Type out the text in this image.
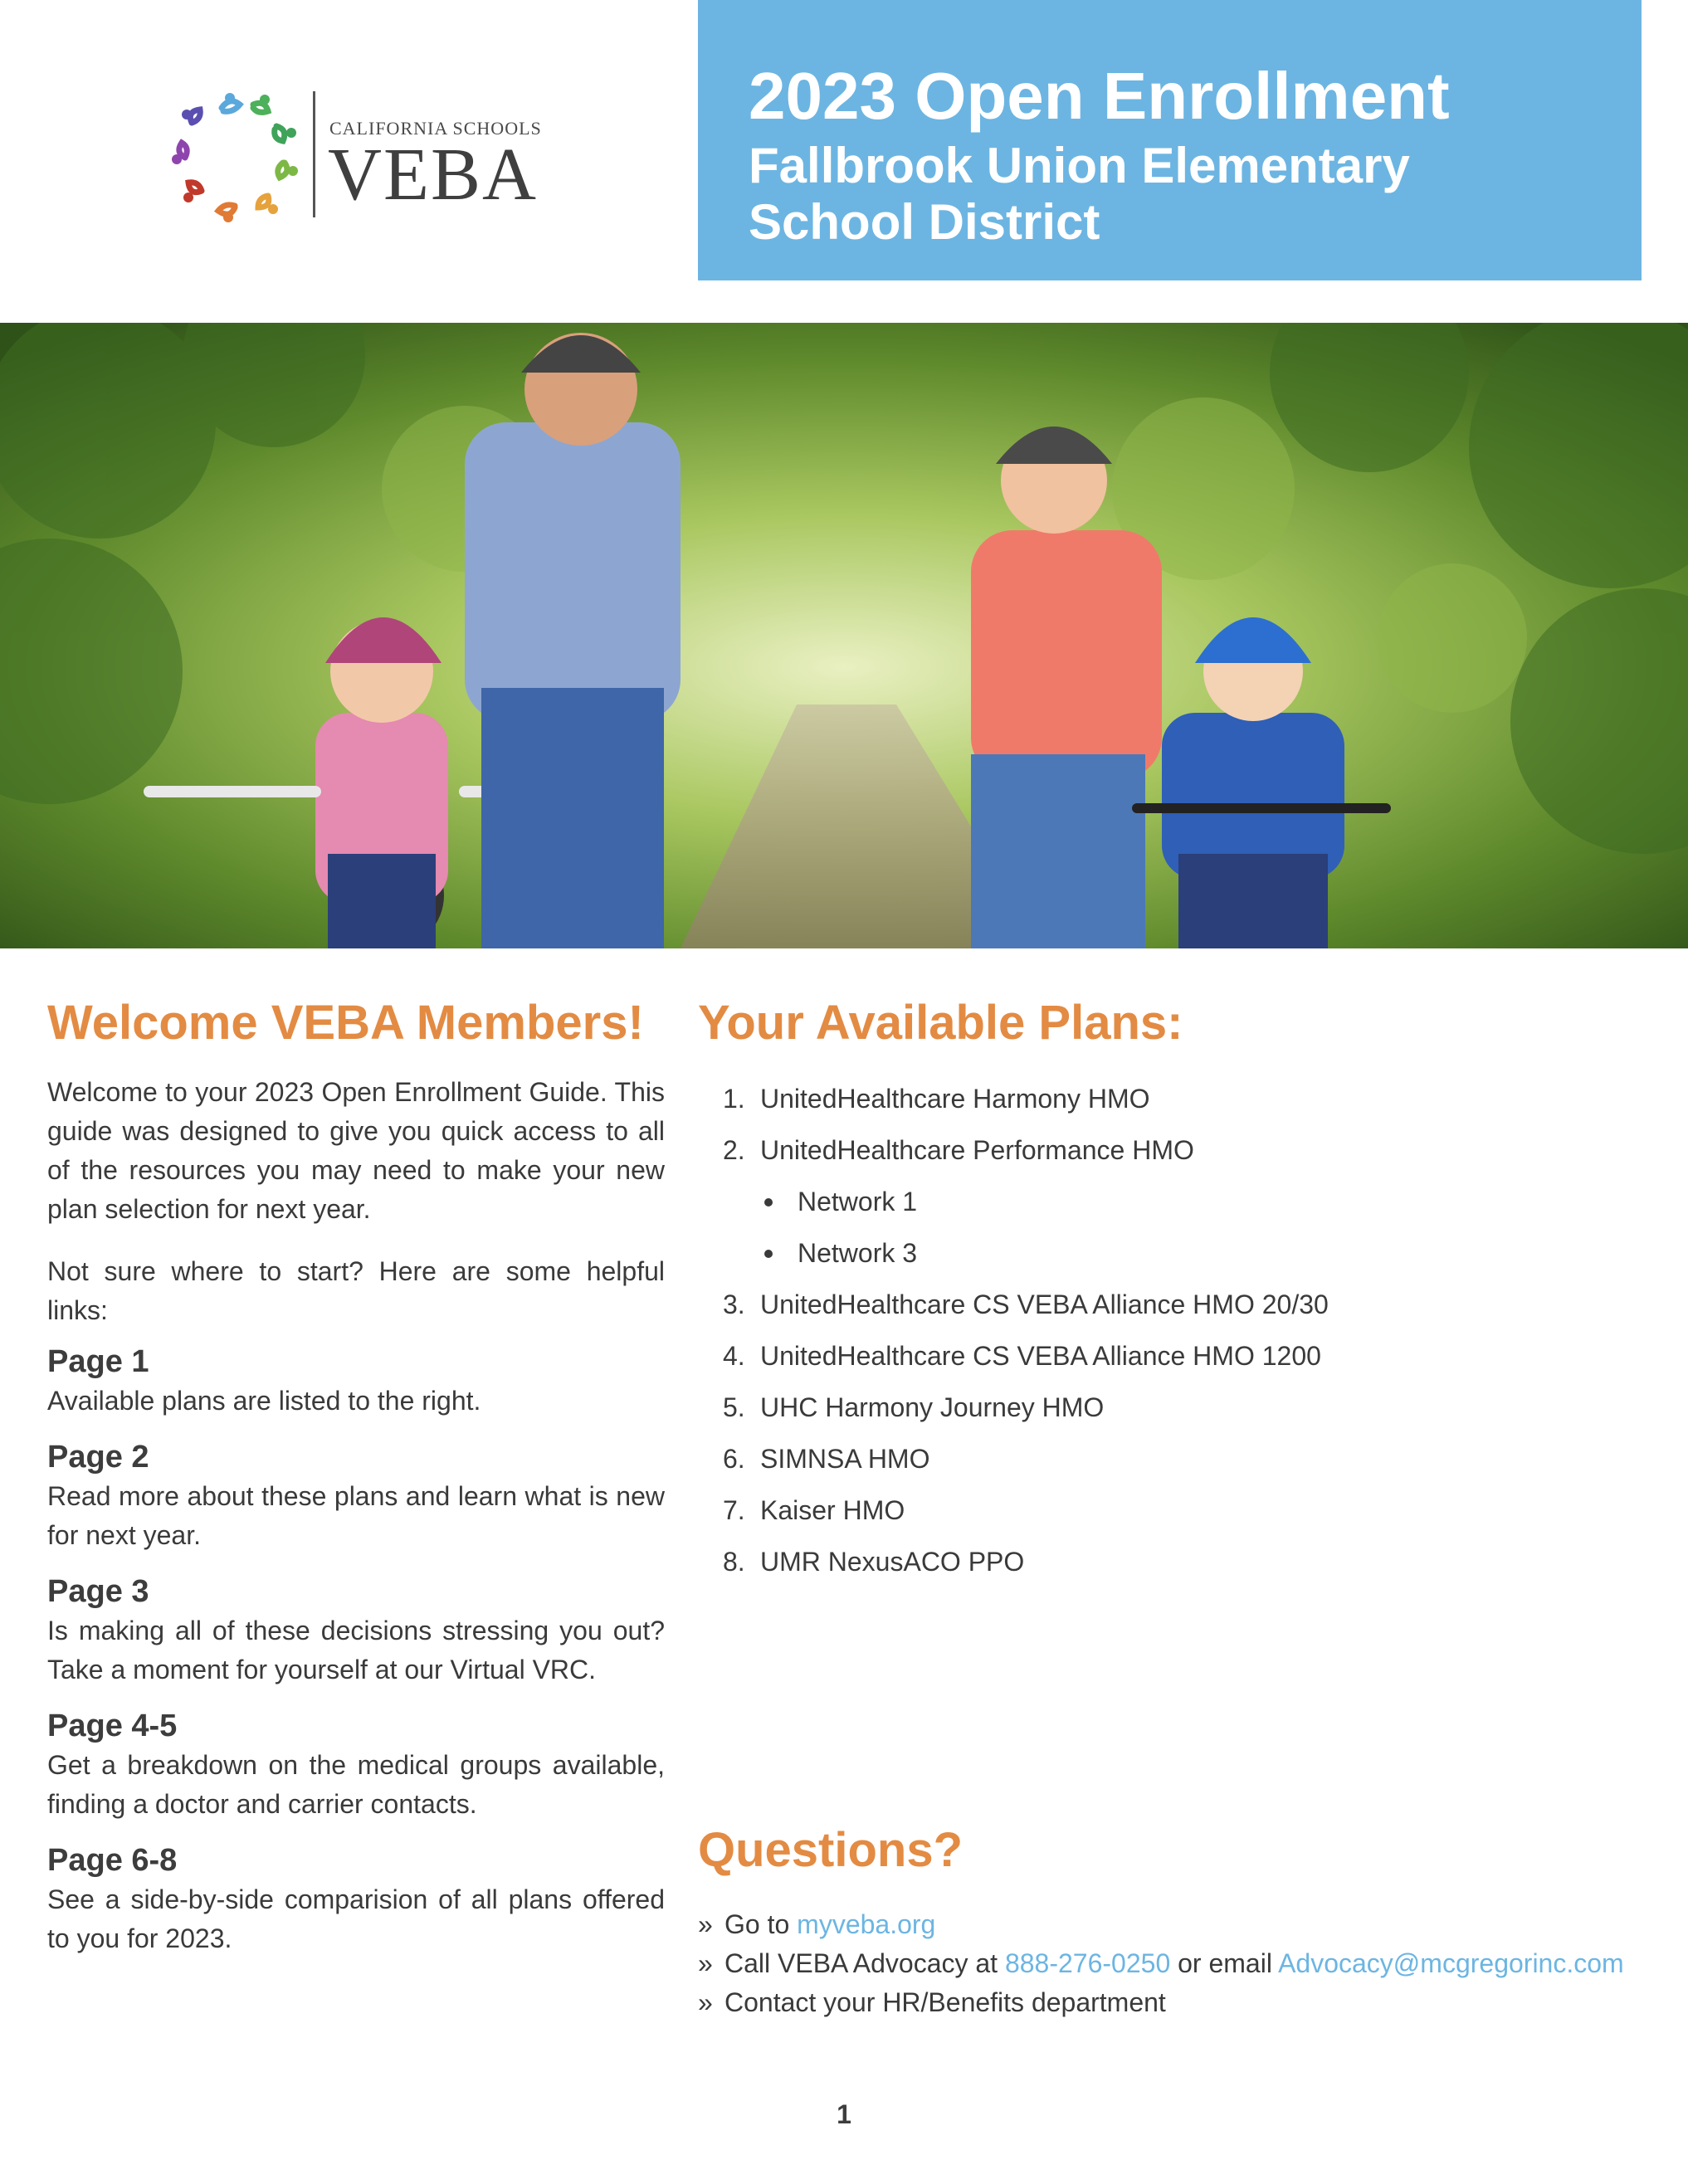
CALIFORNIA SCHOOLS
VEBA
2023 Open Enrollment
Fallbrook Union Elementary School District
Welcome VEBA Members!

Welcome to your 2023 Open Enrollment Guide. This guide was designed to give you quick access to all of the resources you may need to make your new plan selection for next year.

Not sure where to start? Here are some helpful links:

Page 1

Available plans are listed to the right.

Page 2

Read more about these plans and learn what is new for next year.

Page 3

Is making all of these decisions stressing you out? Take a moment for yourself at our Virtual VRC.

Page 4-5

Get a breakdown on the medical groups available, finding a doctor and carrier contacts.

Page 6-8

See a side-by-side comparision of all plans offered to you for 2023.

Your Available Plans:
1. UnitedHealthcare Harmony HMO
2. UnitedHealthcare Performance HMO
Network 1
Network 3
3. UnitedHealthcare CS VEBA Alliance HMO 20/30
4. UnitedHealthcare CS VEBA Alliance HMO 1200
5. UHC Harmony Journey HMO
6. SIMNSA HMO
7. Kaiser HMO
8. UMR NexusACO PPO
Questions?
» Go to myveba.org
» Call VEBA Advocacy at 888-276-0250 or email Advocacy@mcgregorinc.com
» Contact your HR/Benefits department
1
